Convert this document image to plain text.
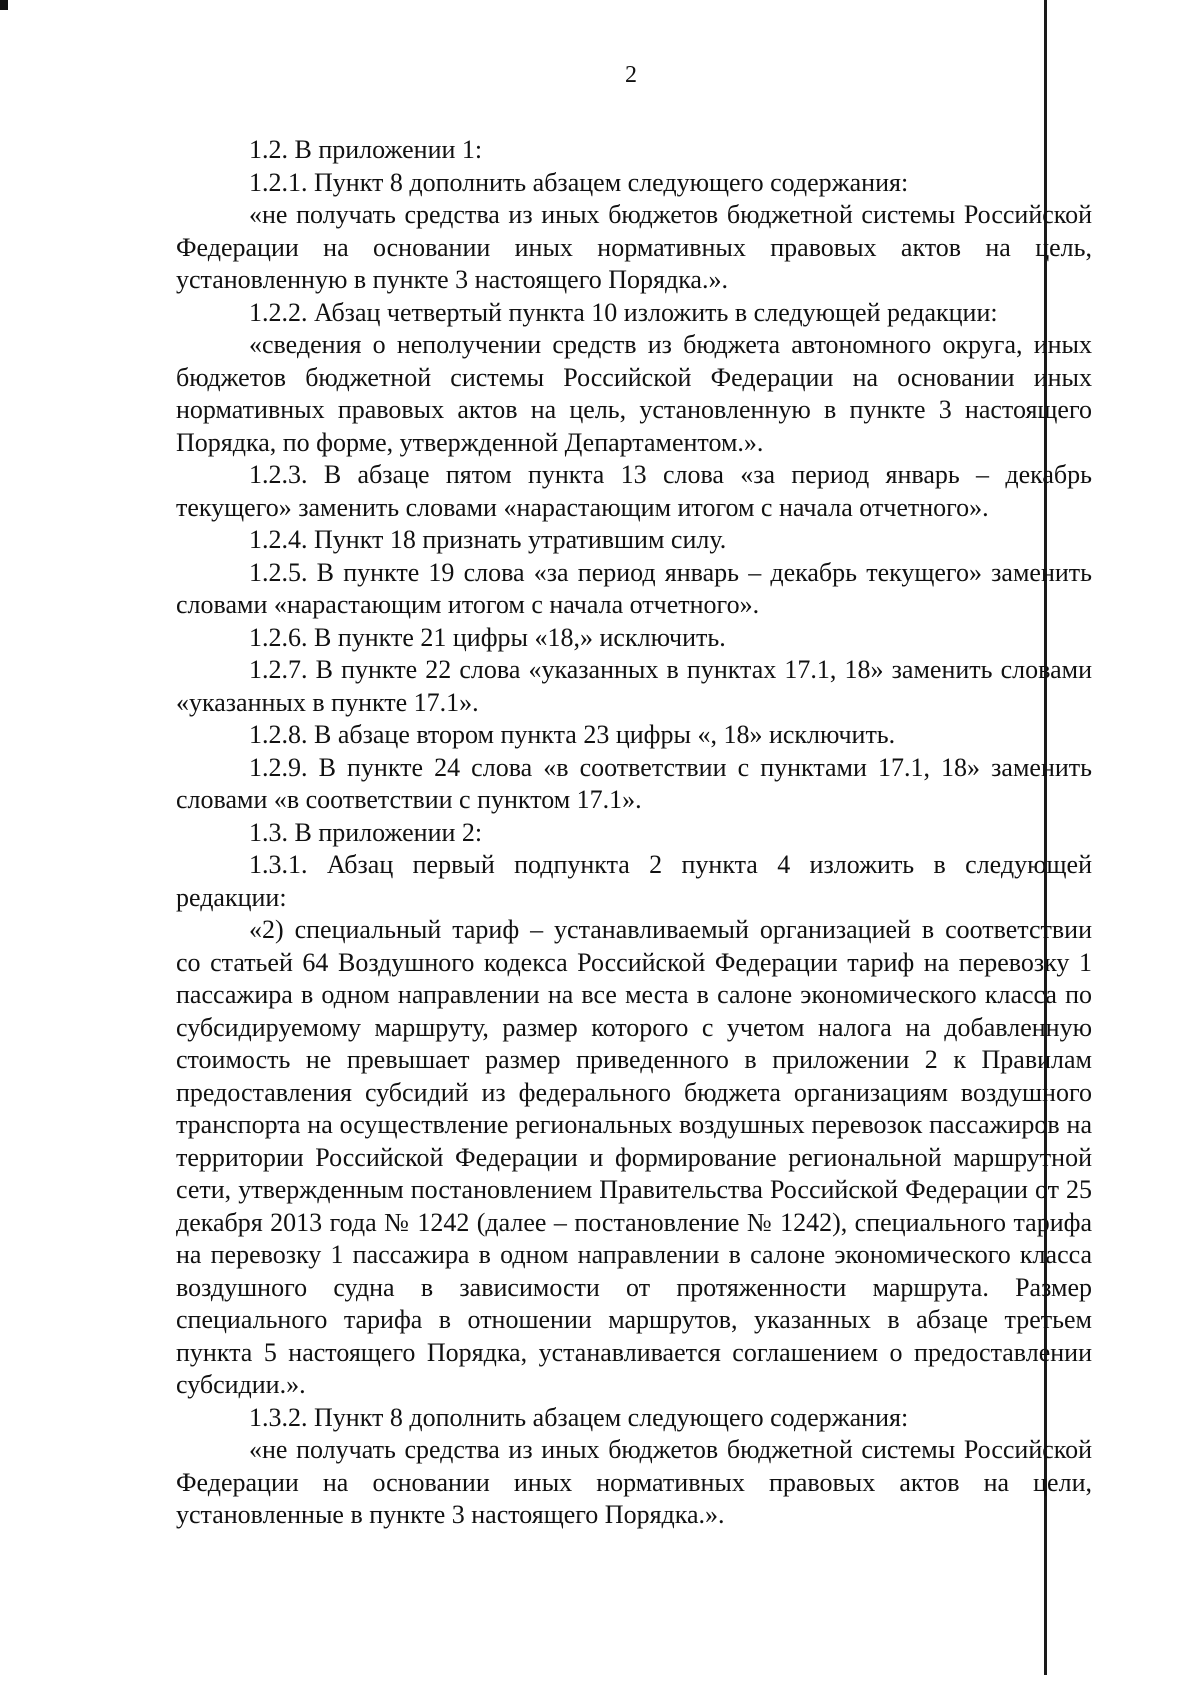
2

1.2. В приложении 1:

1.2.1. Пункт 8 дополнить абзацем следующего содержания:

«не получать средства из иных бюджетов бюджетной системы Российской Федерации на основании иных нормативных правовых актов на цель, установленную в пункте 3 настоящего Порядка.».

1.2.2. Абзац четвертый пункта 10 изложить в следующей редакции:

«сведения о неполучении средств из бюджета автономного округа, иных бюджетов бюджетной системы Российской Федерации на основании иных нормативных правовых актов на цель, установленную в пункте 3 настоящего Порядка, по форме, утвержденной Департаментом.».

1.2.3. В абзаце пятом пункта 13 слова «за период январь – декабрь текущего» заменить словами «нарастающим итогом с начала отчетного».

1.2.4. Пункт 18 признать утратившим силу.

1.2.5. В пункте 19 слова «за период январь – декабрь текущего» заменить словами «нарастающим итогом с начала отчетного».

1.2.6. В пункте 21 цифры «18,» исключить.

1.2.7. В пункте 22 слова «указанных в пунктах 17.1, 18» заменить словами «указанных в пункте 17.1».

1.2.8. В абзаце втором пункта 23 цифры «, 18» исключить.

1.2.9. В пункте 24 слова «в соответствии с пунктами 17.1, 18» заменить словами «в соответствии с пунктом 17.1».

1.3. В приложении 2:

1.3.1. Абзац первый подпункта 2 пункта 4 изложить в следующей редакции:

«2) специальный тариф – устанавливаемый организацией в соответствии со статьей 64 Воздушного кодекса Российской Федерации тариф на перевозку 1 пассажира в одном направлении на все места в салоне экономического класса по субсидируемому маршруту, размер которого с учетом налога на добавленную стоимость не превышает размер приведенного в приложении 2 к Правилам предоставления субсидий из федерального бюджета организациям воздушного транспорта на осуществление региональных воздушных перевозок пассажиров на территории Российской Федерации и формирование региональной маршрутной сети, утвержденным постановлением Правительства Российской Федерации от 25 декабря 2013 года № 1242 (далее – постановление № 1242), специального тарифа на перевозку 1 пассажира в одном направлении в салоне экономического класса воздушного судна в зависимости от протяженности маршрута. Размер специального тарифа в отношении маршрутов, указанных в абзаце третьем пункта 5 настоящего Порядка, устанавливается соглашением о предоставлении субсидии.».

1.3.2. Пункт 8 дополнить абзацем следующего содержания:

«не получать средства из иных бюджетов бюджетной системы Российской Федерации на основании иных нормативных правовых актов на цели, установленные в пункте 3 настоящего Порядка.».
